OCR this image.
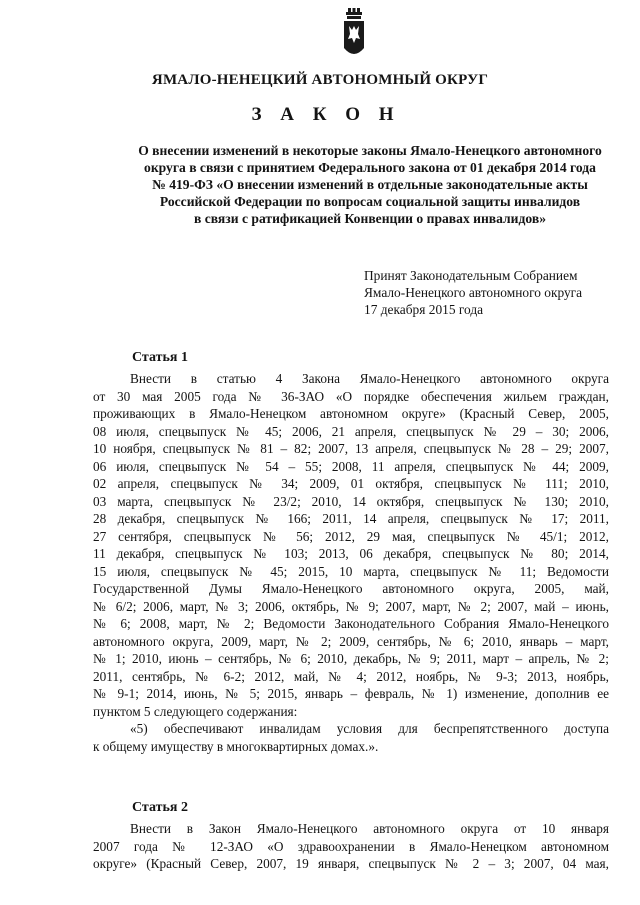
ЯМАЛО-НЕНЕЦКИЙ АВТОНОМНЫЙ ОКРУГ
З А К О Н
О внесении изменений в некоторые законы Ямало-Ненецкого автономного
округа в связи с принятием Федерального закона от 01 декабря 2014 года
№ 419-ФЗ «О внесении изменений в отдельные законодательные акты
Российской Федерации по вопросам социальной защиты инвалидов
в связи с ратификацией Конвенции о правах инвалидов»
Принят Законодательным Собранием
Ямало-Ненецкого автономного округа
17 декабря 2015 года
Статья 1
Внести в статью 4 Закона Ямало-Ненецкого автономного округа
от 30 мая 2005 года № 36-ЗАО «О порядке обеспечения жильем граждан,
проживающих в Ямало-Ненецком автономном округе» (Красный Север, 2005,
08 июля, спецвыпуск № 45; 2006, 21 апреля, спецвыпуск № 29 – 30; 2006,
10 ноября, спецвыпуск № 81 – 82; 2007, 13 апреля, спецвыпуск № 28 – 29; 2007,
06 июля, спецвыпуск № 54 – 55; 2008, 11 апреля, спецвыпуск № 44; 2009,
02 апреля, спецвыпуск № 34; 2009, 01 октября, спецвыпуск № 111; 2010,
03 марта, спецвыпуск № 23/2; 2010, 14 октября, спецвыпуск № 130; 2010,
28 декабря, спецвыпуск № 166; 2011, 14 апреля, спецвыпуск № 17; 2011,
27 сентября, спецвыпуск № 56; 2012, 29 мая, спецвыпуск № 45/1; 2012,
11 декабря, спецвыпуск № 103; 2013, 06 декабря, спецвыпуск № 80; 2014,
15 июля, спецвыпуск № 45; 2015, 10 марта, спецвыпуск № 11; Ведомости
Государственной Думы Ямало-Ненецкого автономного округа, 2005, май,
№ 6/2; 2006, март, № 3; 2006, октябрь, № 9; 2007, март, № 2; 2007, май – июнь,
№ 6; 2008, март, № 2; Ведомости Законодательного Собрания Ямало-Ненецкого
автономного округа, 2009, март, № 2; 2009, сентябрь, № 6; 2010, январь – март,
№ 1; 2010, июнь – сентябрь, № 6; 2010, декабрь, № 9; 2011, март – апрель, № 2;
2011, сентябрь, № 6-2; 2012, май, № 4; 2012, ноябрь, № 9-3; 2013, ноябрь,
№ 9-1; 2014, июнь, № 5; 2015, январь – февраль, № 1) изменение, дополнив ее
пунктом 5 следующего содержания:
«5) обеспечивают инвалидам условия для беспрепятственного доступа
к общему имуществу в многоквартирных домах.».
Статья 2
Внести в Закон Ямало-Ненецкого автономного округа от 10 января
2007 года № 12-ЗАО «О здравоохранении в Ямало-Ненецком автономном
округе» (Красный Север, 2007, 19 января, спецвыпуск № 2 – 3; 2007, 04 мая,
